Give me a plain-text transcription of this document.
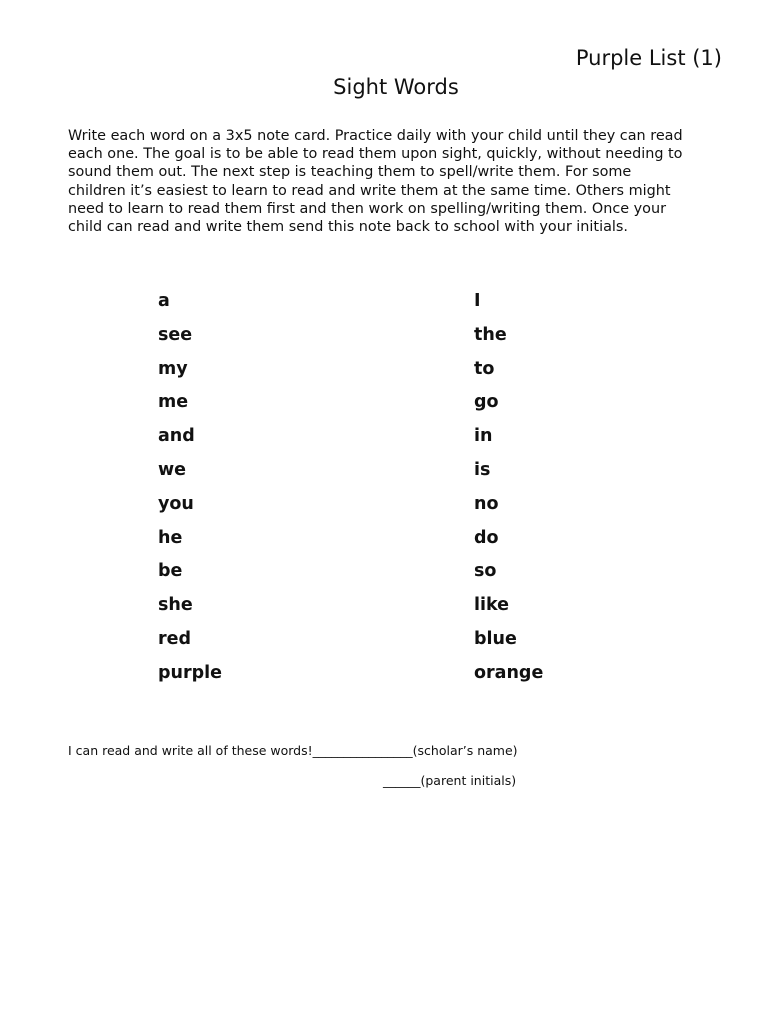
Purple List (1)
Sight Words
Write each word on a 3x5 note card. Practice daily with your child until they can read
each one. The goal is to be able to read them upon sight, quickly, without needing to
sound them out. The next step is teaching them to spell/write them. For some
children it’s easiest to learn to read and write them at the same time. Others might
need to learn to read them first and then work on spelling/writing them. Once your
child can read and write them send this note back to school with your initials.
a
see
my
me
and
we
you
he
be
she
red
purple
I
the
to
go
in
is
no
do
so
like
blue
orange
I can read and write all of these words!________________(scholar’s name)
______(parent initials)
